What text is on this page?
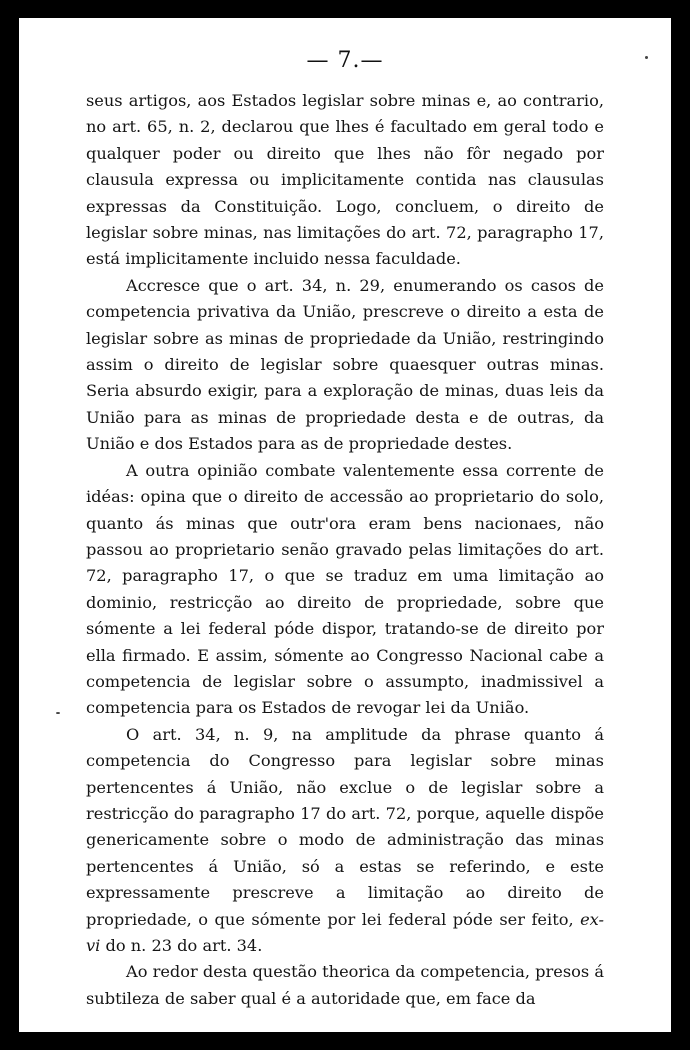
— 7.—

seus artigos, aos Estados legislar sobre minas e, ao contrario, no art. 65, n. 2, declarou que lhes é facultado em geral todo e qualquer poder ou direito que lhes não fôr negado por clausula expressa ou implicitamente contida nas clausulas expressas da Constituição. Logo, concluem, o direito de legislar sobre minas, nas limitações do art. 72, paragrapho 17, está implicitamente incluido nessa faculdade.

Accresce que o art. 34, n. 29, enumerando os casos de competencia privativa da União, prescreve o direito a esta de legislar sobre as minas de propriedade da União, restringindo assim o direito de legislar sobre quaesquer outras minas. Seria absurdo exigir, para a exploração de minas, duas leis da União para as minas de propriedade desta e de outras, da União e dos Estados para as de propriedade destes.

A outra opinião combate valentemente essa corrente de idéas: opina que o direito de accessão ao proprietario do solo, quanto ás minas que outr'ora eram bens nacionaes, não passou ao proprietario senão gravado pelas limitações do art. 72, paragrapho 17, o que se traduz em uma limitação ao dominio, restricção ao direito de propriedade, sobre que sómente a lei federal póde dispor, tratando-se de direito por ella firmado. E assim, sómente ao Congresso Nacional cabe a competencia de legislar sobre o assumpto, inadmissivel a competencia para os Estados de revogar lei da União.

O art. 34, n. 9, na amplitude da phrase quanto á competencia do Congresso para legislar sobre minas pertencentes á União, não exclue o de legislar sobre a restricção do paragrapho 17 do art. 72, porque, aquelle dispõe genericamente sobre o modo de administração das minas pertencentes á União, só a estas se referindo, e este expressamente prescreve a limitação ao direito de propriedade, o que sómente por lei federal póde ser feito, ex-vi do n. 23 do art. 34.

Ao redor desta questão theorica da competencia, presos á subtileza de saber qual é a autoridade que, em face da
